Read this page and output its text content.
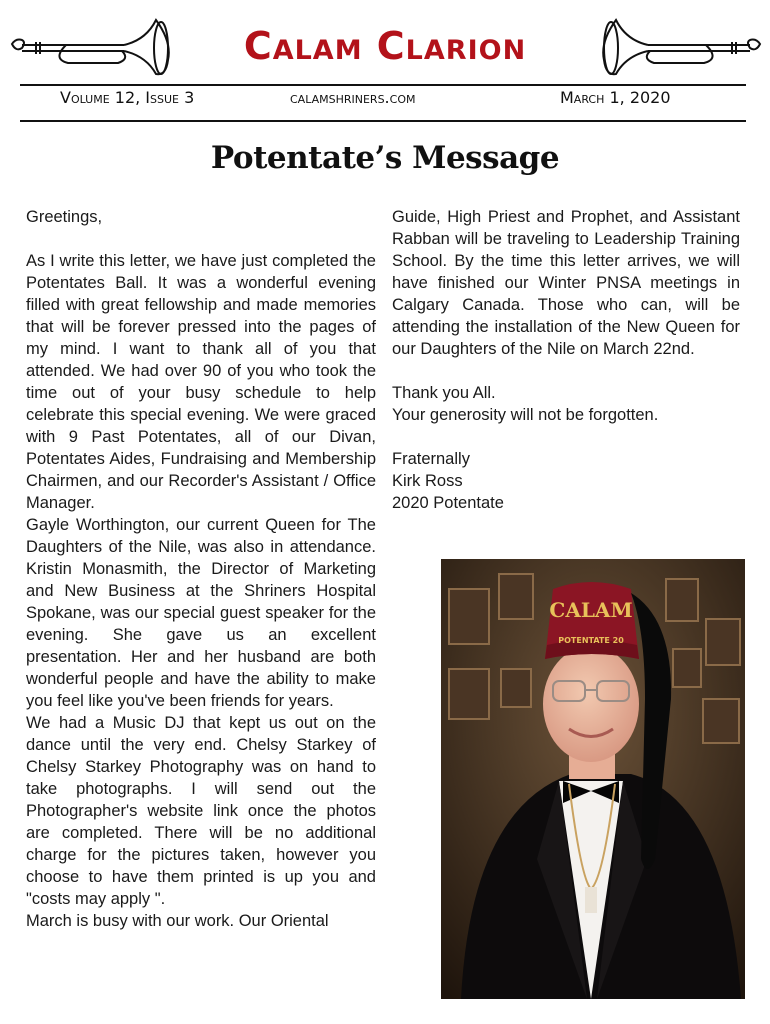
Calam Clarion
Volume 12, Issue 3	calamshriners.com	March 1, 2020
Potentate’s Message

Greetings,

As I write this letter, we have just completed the Potentates Ball. It was a wonderful evening filled with great fellowship and made memories that will be forever pressed into the pages of my mind. I want to thank all of you that attended. We had over 90 of you who took the time out of your busy schedule to help celebrate this special evening. We were graced with 9 Past Potentates, all of our Divan, Potentates Aides, Fundraising and Membership Chairmen, and our Recorder's Assistant / Office Manager.

Gayle Worthington, our current Queen for The Daughters of the Nile, was also in attendance. Kristin Monasmith, the Director of Marketing and New Business at the Shriners Hospital Spokane, was our special guest speaker for the evening. She gave us an excellent presentation. Her and her husband are both wonderful people and have the ability to make you feel like you've been friends for years.

We had a Music DJ that kept us out on the dance until the very end. Chelsy Starkey of Chelsy Starkey Photography was on hand to take photographs. I will send out the Photographer's website link once the photos are completed. There will be no additional charge for the pictures taken, however you choose to have them printed is up you and "costs may apply ".

March is busy with our work. Our Oriental

Guide, High Priest and Prophet, and Assistant Rabban will be traveling to Leadership Training School. By the time this letter arrives, we will have finished our Winter PNSA meetings in Calgary Canada. Those who can, will be attending the installation of the New Queen for our Daughters of the Nile on March 22nd.

Thank you All.

Your generosity will not be forgotten.

Fraternally

Kirk Ross

2020 Potentate

CALAM
POTENTATE 20
